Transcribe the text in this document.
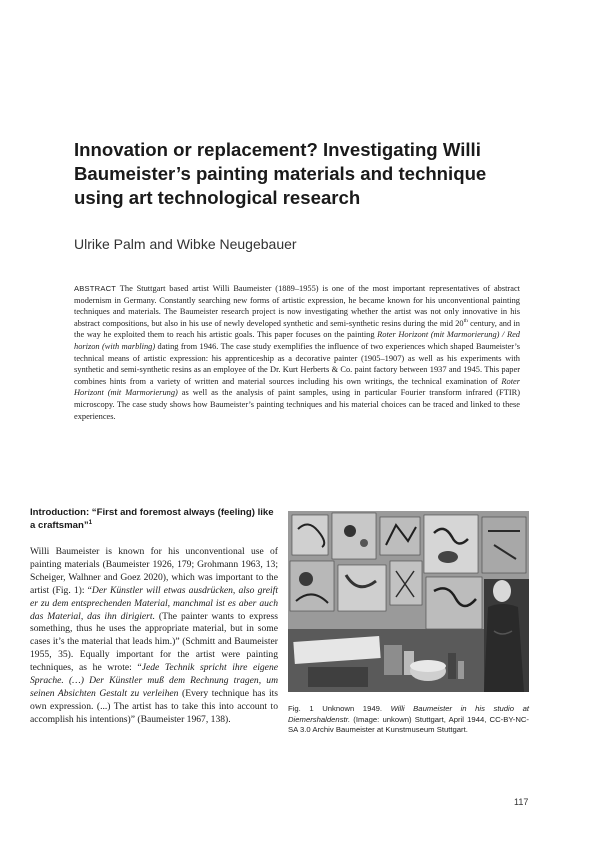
Innovation or replacement? Investigating Willi Baumeister’s painting materials and technique using art technological research
Ulrike Palm and Wibke Neugebauer

ABSTRACT The Stuttgart based artist Willi Baumeister (1889–1955) is one of the most important representatives of abstract modernism in Germany. Constantly searching new forms of artistic expression, he became known for his unconventional painting techniques and materials. The Baumeister research project is now investigating whether the artist was not only innovative in his abstract compositions, but also in his use of newly developed synthetic and semi-synthetic resins during the mid 20th century, and in the way he exploited them to reach his artistic goals. This paper focuses on the painting Roter Horizont (mit Marmorierung) / Red horizon (with marbling) dating from 1946. The case study exemplifies the influence of two experiences which shaped Baumeister’s technical means of artistic expression: his apprenticeship as a decorative painter (1905–1907) as well as his experiments with synthetic and semi-synthetic resins as an employee of the Dr. Kurt Herberts & Co. paint factory between 1937 and 1945. This paper combines hints from a variety of written and material sources including his own writings, the technical examination of Roter Horizont (mit Marmorierung) as well as the analysis of paint samples, using in particular Fourier transform infrared (FTIR) microscopy. The case study shows how Baumeister’s painting techniques and his material choices can be traced and linked to these experiences.

Introduction: “First and foremost always (feeling) like a craftsman”$^1$

Willi Baumeister is known for his unconventional use of painting materials (Baumeister 1926, 179; Grohmann 1963, 13; Scheiger, Walhner and Goez 2020), which was important to the artist (Fig. 1): “Der Künstler will etwas ausdrücken, also greift er zu dem entsprechenden Material, manchmal ist es aber auch das Material, das ihn dirigiert. (The painter wants to express something, thus he uses the appropriate material, but in some cases it’s the material that leads him.)” (Schmitt and Baumeister 1955, 35). Equally important for the artist were painting techniques, as he wrote: “Jede Technik spricht ihre eigene Sprache. (…) Der Künstler muß dem Rechnung tragen, um seinen Absichten Gestalt zu verleihen (Every technique has its own expression. (...) The artist has to take this into account to accomplish his intentions)” (Baumeister 1967, 138).

Fig. 1 Unknown 1949. Willi Baumeister in his studio at Diemershaldenstr. (Image: unkown) Stuttgart, April 1944, CC-BY-NC-SA 3.0 Archiv Baumeister at Kunstmuseum Stuttgart.

117
